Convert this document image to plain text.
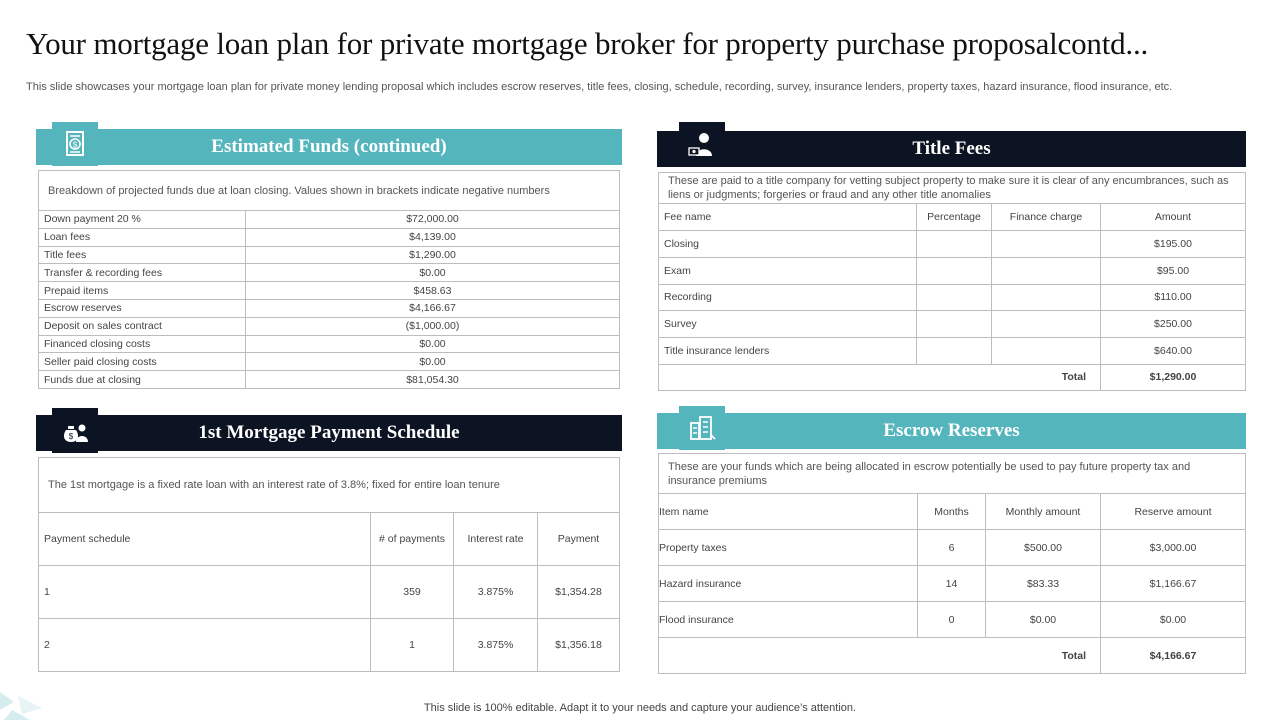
Your mortgage loan plan for private mortgage broker for property purchase proposalcontd...
This slide showcases your mortgage loan plan for private money lending proposal which includes escrow reserves, title fees, closing, schedule, recording, survey, insurance lenders, property taxes, hazard insurance, flood insurance, etc.
Estimated Funds (continued)
$
Breakdown of projected funds due at loan closing. Values shown in brackets indicate negative numbers	
Down payment 20 %	$72,000.00
Loan fees	$4,139.00
Title fees	$1,290.00
Transfer & recording fees	$0.00
Prepaid items	$458.63
Escrow reserves	$4,166.67
Deposit on sales contract	($1,000.00)
Financed closing costs	$0.00
Seller paid closing costs	$0.00
Funds due at closing	$81,054.30
Title Fees
These are paid to a title company for vetting subject property to make sure it is clear of any encumbrances, such as liens or judgments; forgeries or fraud and any other title anomalies			
Fee name	Percentage	Finance charge	Amount
Closing			$195.00
Exam			$95.00
Recording			$110.00
Survey			$250.00
Title insurance lenders			$640.00
Total			$1,290.00
1st Mortgage Payment Schedule
$
The 1st mortgage is a fixed rate loan with an interest rate of 3.8%; fixed for entire loan tenure			
Payment schedule	# of payments	Interest rate	Payment
1	359	3.875%	$1,354.28
2	1	3.875%	$1,356.18
Escrow Reserves
These are your funds which are being allocated in escrow potentially be used to pay future property tax and insurance premiums			
Item name	Months	Monthly amount	Reserve amount
Property taxes	6	$500.00	$3,000.00
Hazard insurance	14	$83.33	$1,166.67
Flood insurance	0	$0.00	$0.00
Total			$4,166.67
This slide is 100% editable. Adapt it to your needs and capture your audience’s attention.
